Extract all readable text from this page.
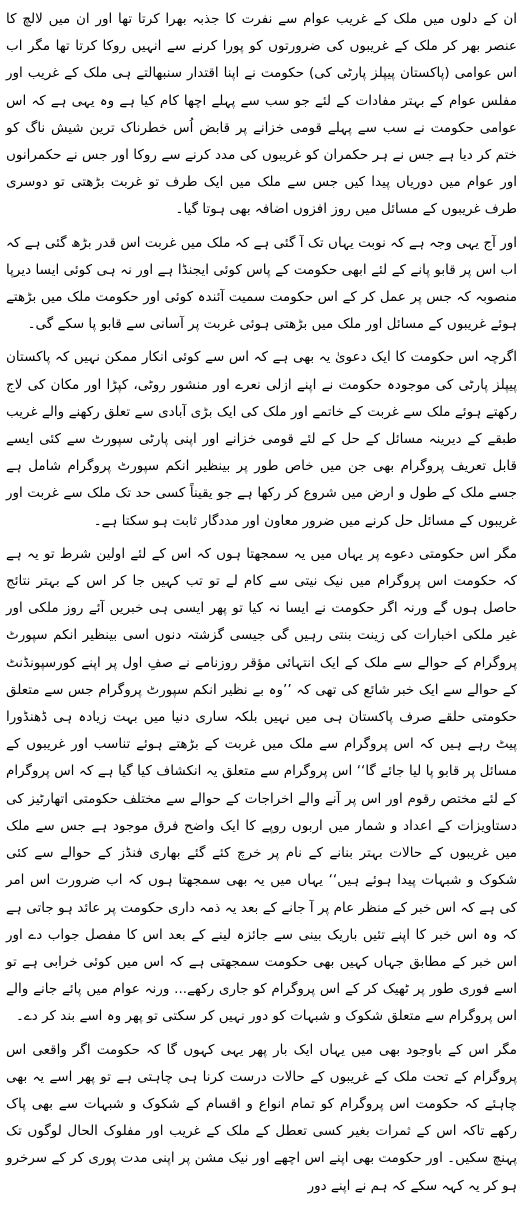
ان کے دلوں میں ملک کے غریب عوام سے نفرت کا جذبہ بھرا کرتا تھا اور ان میں لالچ کا عنصر بھر کر ملک کے غریبوں کی ضرورتوں کو پورا کرنے سے انہیں روکا کرتا تھا مگر اب اس عوامی (پاکستان پیپلز پارٹی کی) حکومت نے اپنا اقتدار سنبھالتے ہی ملک کے غریب اور مفلس عوام کے بہتر مفادات کے لئے جو سب سے پہلے اچھا کام کیا ہے وہ یہی ہے کہ اس عوامی حکومت نے سب سے پہلے قومی خزانے پر قابض اُس خطرناک ترین شیش ناگ کو ختم کر دیا ہے جس نے ہر حکمران کو غریبوں کی مدد کرنے سے روکا اور جس نے حکمرانوں اور عوام میں دوریاں پیدا کیں جس سے ملک میں ایک طرف تو غربت بڑھتی تو دوسری طرف غریبوں کے مسائل میں روز افزوں اضافہ بھی ہوتا گیا۔

اور آج یہی وجہ ہے کہ نوبت یہاں تک آ گئی ہے کہ ملک میں غربت اس قدر بڑھ گئی ہے کہ اب اس پر قابو پانے کے لئے ابھی حکومت کے پاس کوئی ایجنڈا ہے اور نہ ہی کوئی ایسا دیرپا منصوبہ کہ جس پر عمل کر کے اس حکومت سمیت آئندہ کوئی اور حکومت ملک میں بڑھتے ہوئے غریبوں کے مسائل اور ملک میں بڑھتی ہوئی غربت پر آسانی سے قابو پا سکے گی۔

اگرچہ اس حکومت کا ایک دعویٰ یہ بھی ہے کہ اس سے کوئی انکار ممکن نہیں کہ پاکستان پیپلز پارٹی کی موجودہ حکومت نے اپنے ازلی نعرے اور منشور روٹی، کپڑا اور مکان کی لاج رکھتے ہوئے ملک سے غربت کے خاتمے اور ملک کی ایک بڑی آبادی سے تعلق رکھنے والے غریب طبقے کے دیرینہ مسائل کے حل کے لئے قومی خزانے اور اپنی پارٹی سپورٹ سے کئی ایسے قابل تعریف پروگرام بھی جن میں خاص طور پر بینظیر انکم سپورٹ پروگرام شامل ہے جسے ملک کے طول و ارض میں شروع کر رکھا ہے جو یقیناً کسی حد تک ملک سے غربت اور غریبوں کے مسائل حل کرنے میں ضرور معاون اور مددگار ثابت ہو سکتا ہے۔

مگر اس حکومتی دعوے پر یہاں میں یہ سمجھتا ہوں کہ اس کے لئے اولین شرط تو یہ ہے کہ حکومت اس پروگرام میں نیک نیتی سے کام لے تو تب کہیں جا کر اس کے بہتر نتائج حاصل ہوں گے ورنہ اگر حکومت نے ایسا نہ کیا تو پھر ایسی ہی خبریں آئے روز ملکی اور غیر ملکی اخبارات کی زینت بنتی رہیں گی جیسی گزشتہ دنوں اسی بینظیر انکم سپورٹ پروگرام کے حوالے سے ملک کے ایک انتہائی مؤقر روزنامے نے صفِ اول پر اپنے کورسپونڈنٹ کے حوالے سے ایک خبر شائع کی تھی کہ ’’وہ بے نظیر انکم سپورٹ پروگرام جس سے متعلق حکومتی حلقے صرف پاکستان ہی میں نہیں بلکہ ساری دنیا میں بہت زیادہ ہی ڈھنڈورا پیٹ رہے ہیں کہ اس پروگرام سے ملک میں غربت کے بڑھتے ہوئے تناسب اور غریبوں کے مسائل پر قابو پا لیا جائے گا‘‘ اس پروگرام سے متعلق یہ انکشاف کیا گیا ہے کہ اس پروگرام کے لئے مختص رقوم اور اس پر آنے والے اخراجات کے حوالے سے مختلف حکومتی اتھارٹیز کی دستاویزات کے اعداد و شمار میں اربوں روپے کا ایک واضح فرق موجود ہے جس سے ملک میں غریبوں کے حالات بہتر بنانے کے نام پر خرچ کئے گئے بھاری فنڈز کے حوالے سے کئی شکوک و شبہات پیدا ہوئے ہیں‘‘ یہاں میں یہ بھی سمجھتا ہوں کہ اب ضرورت اس امر کی ہے کہ اس خبر کے منظر عام پر آ جانے کے بعد یہ ذمہ داری حکومت پر عائد ہو جاتی ہے کہ وہ اس خبر کا اپنے تئیں باریک بینی سے جائزہ لینے کے بعد اس کا مفصل جواب دے اور اس خبر کے مطابق جہاں کہیں بھی حکومت سمجھتی ہے کہ اس میں کوئی خرابی ہے تو اسے فوری طور پر ٹھیک کر کے اس پروگرام کو جاری رکھے... ورنہ عوام میں پائے جانے والے اس پروگرام سے متعلق شکوک و شبہات کو دور نہیں کر سکتی تو پھر وہ اسے بند کر دے۔

مگر اس کے باوجود بھی میں یہاں ایک بار پھر یہی کہوں گا کہ حکومت اگر واقعی اس پروگرام کے تحت ملک کے غریبوں کے حالات درست کرنا ہی چاہتی ہے تو پھر اسے یہ بھی چاہئے کہ حکومت اس پروگرام کو تمام انواع و اقسام کے شکوک و شبہات سے بھی پاک رکھے تاکہ اس کے ثمرات بغیر کسی تعطل کے ملک کے غریب اور مفلوک الحال لوگوں تک پہنچ سکیں۔ اور حکومت بھی اپنے اس اچھے اور نیک مشن پر اپنی مدت پوری کر کے سرخرو ہو کر یہ کہہ سکے کہ ہم نے اپنے دور
